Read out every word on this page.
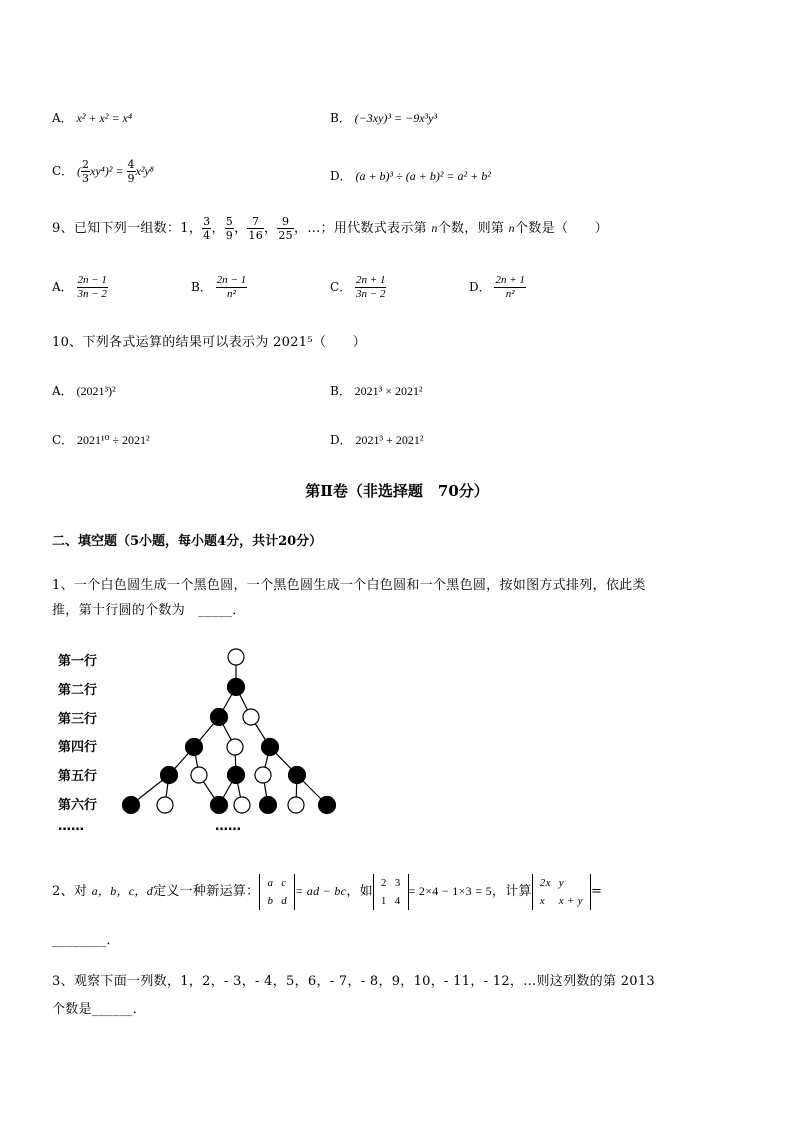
A． x² + x² = x⁴	B． (−3xy)³ = −9x³y³
C． ( $\frac{2}{3} xy^4)^2 = \frac{4}{9} x^2y^8$	D． (a + b)³ ÷ (a + b)² = a² + b²
9、已知下列一组数：1， $\frac{3}{4}$ ， $\frac{5}{9}$ ， $\frac{7}{16}$ ， $\frac{9}{25}$ ，…；用代数式表示第 n个数，则第 n个数是（　　）
A． $\frac{2n - 1}{3n - 2}$	B． $\frac{2n - 1}{\text{n²}}$	C． $\frac{2n + 1}{3n - 2}$	D． $\frac{2n + 1}{\text{n²}}$
10、下列各式运算的结果可以表示为 2021⁵（　　）
A． (2021³)²	B． 2021³ × 2021²
C． 2021¹⁰ ÷ 2021²	D． 2021³ + 2021²
第Ⅱ卷（非选择题　70分）
二、填空题（5小题，每小题4分，共计20分）
1、一个白色圆生成一个黑色圆，一个黑色圆生成一个白色圆和一个黑色圆，按如图方式排列，依此类
推，第十行圆的个数为　_____．
第一行
第二行
第三行
第四行
第五行
第六行
……	……
2、对 a，b，c，d定义一种新运算：
a	c
b	d
= ad − bc，如
2	3
1	4
= 2×4 − 1×3 = 5，计算
2x	y
x	x + y
=
________．
3、观察下面一列数，1，2，- 3，- 4，5，6，- 7，- 8，9，10，- 11，- 12，…则这列数的第 2013
个数是______．
